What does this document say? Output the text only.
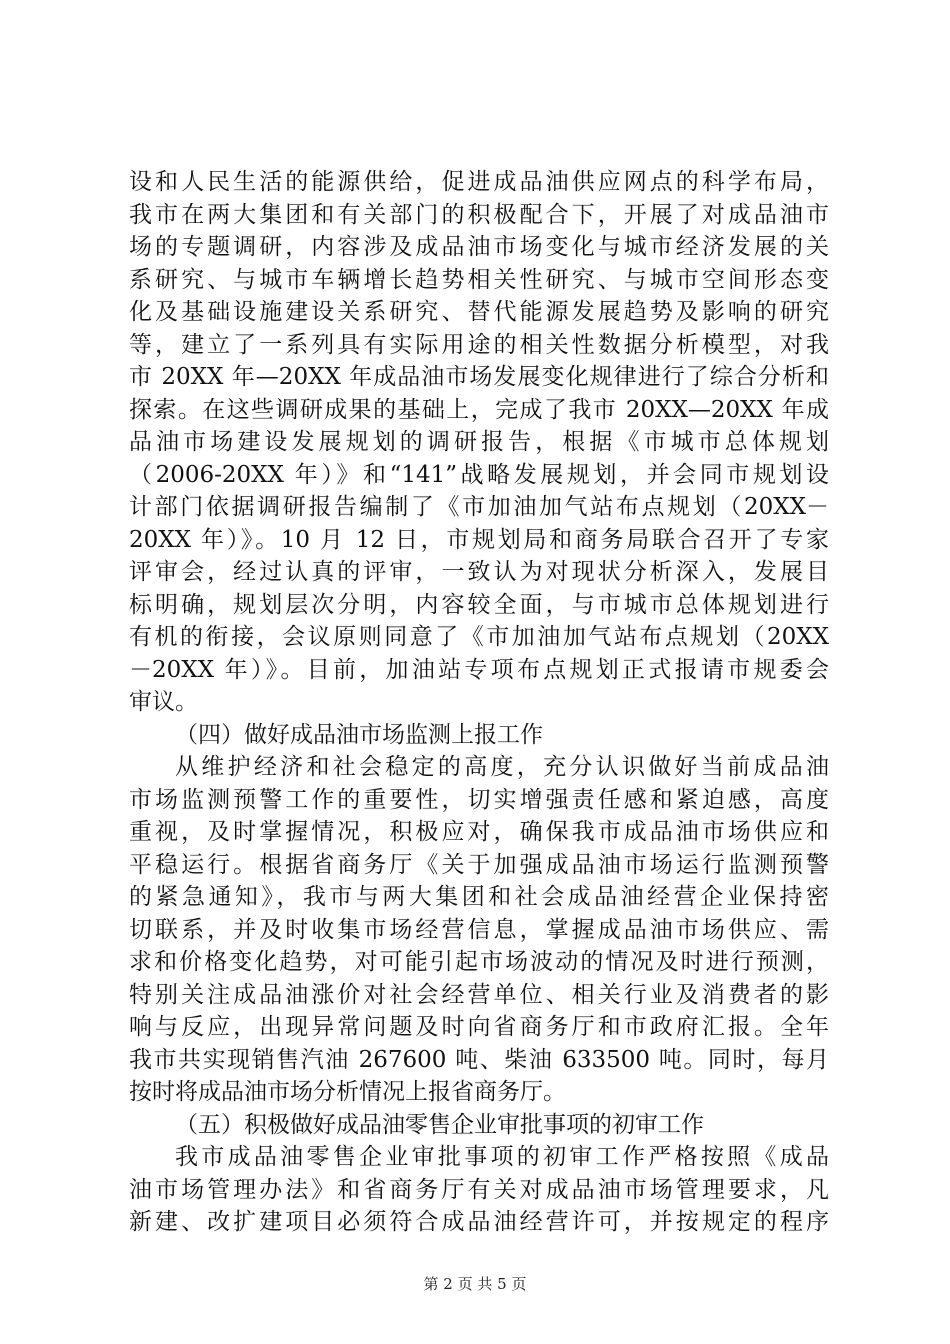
设和人民生活的能源供给，促进成品油供应网点的科学布局，
我市在两大集团和有关部门的积极配合下，开展了对成品油市
场的专题调研，内容涉及成品油市场变化与城市经济发展的关
系研究、与城市车辆增长趋势相关性研究、与城市空间形态变
化及基础设施建设关系研究、替代能源发展趋势及影响的研究
等，建立了一系列具有实际用途的相关性数据分析模型，对我
市 20XX 年—20XX 年成品油市场发展变化规律进行了综合分析和
探索。在这些调研成果的基础上，完成了我市 20XX—20XX 年成
品油市场建设发展规划的调研报告，根据《市城市总体规划
（2006-20XX 年）》和“141”战略发展规划，并会同市规划设
计部门依据调研报告编制了《市加油加气站布点规划（20XX－
20XX 年）》。10 月 12 日，市规划局和商务局联合召开了专家
评审会，经过认真的评审，一致认为对现状分析深入，发展目
标明确，规划层次分明，内容较全面，与市城市总体规划进行
有机的衔接，会议原则同意了《市加油加气站布点规划（20XX
－20XX 年）》。目前，加油站专项布点规划正式报请市规委会
审议。
（四）做好成品油市场监测上报工作
从维护经济和社会稳定的高度，充分认识做好当前成品油
市场监测预警工作的重要性，切实增强责任感和紧迫感，高度
重视，及时掌握情况，积极应对，确保我市成品油市场供应和
平稳运行。根据省商务厅《关于加强成品油市场运行监测预警
的紧急通知》，我市与两大集团和社会成品油经营企业保持密
切联系，并及时收集市场经营信息，掌握成品油市场供应、需
求和价格变化趋势，对可能引起市场波动的情况及时进行预测，
特别关注成品油涨价对社会经营单位、相关行业及消费者的影
响与反应，出现异常问题及时向省商务厅和市政府汇报。全年
我市共实现销售汽油 267600 吨、柴油 633500 吨。同时，每月
按时将成品油市场分析情况上报省商务厅。
（五）积极做好成品油零售企业审批事项的初审工作
我市成品油零售企业审批事项的初审工作严格按照《成品
油市场管理办法》和省商务厅有关对成品油市场管理要求，凡
新建、改扩建项目必须符合成品油经营许可，并按规定的程序
第 2 页 共 5 页
